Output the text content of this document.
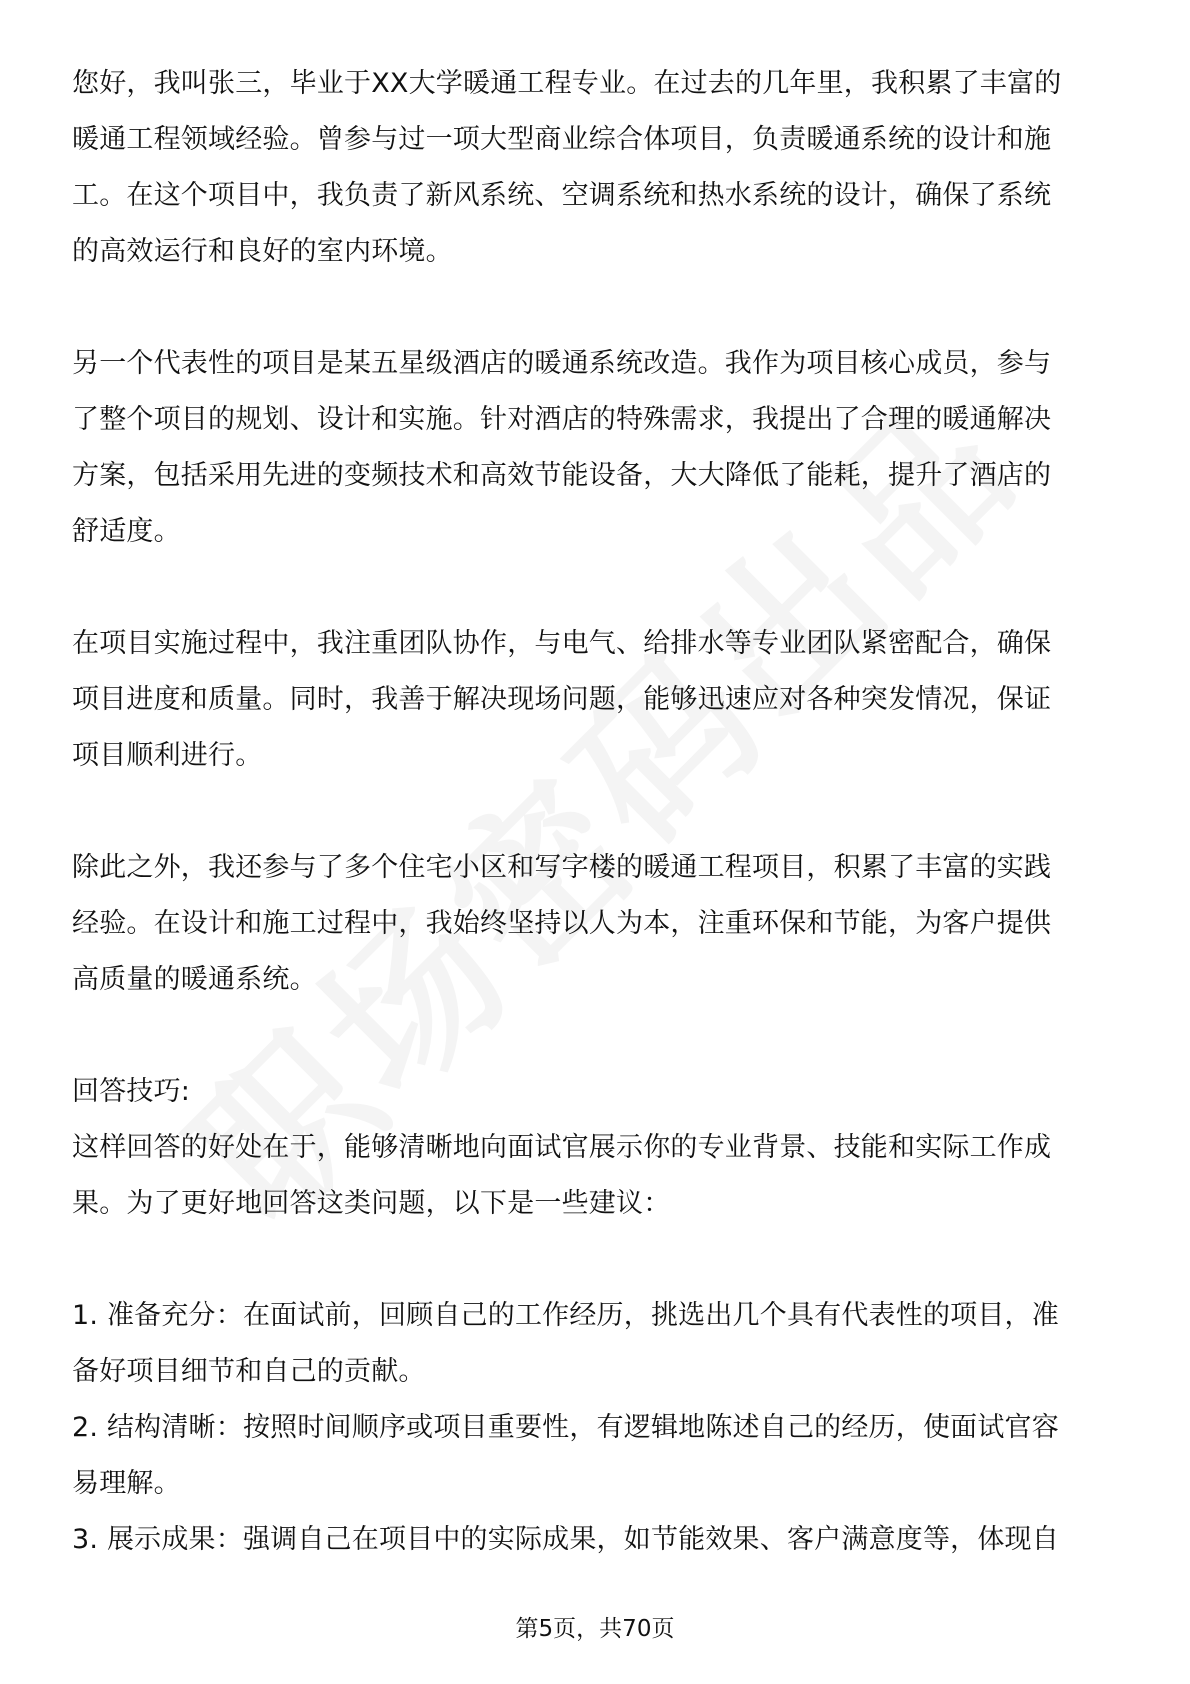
您好，我叫张三，毕业于XX大学暖通工程专业。在过去的几年里，我积累了丰富的
暖通工程领域经验。曾参与过一项大型商业综合体项目，负责暖通系统的设计和施
工。在这个项目中，我负责了新风系统、空调系统和热水系统的设计，确保了系统
的高效运行和良好的室内环境。
另一个代表性的项目是某五星级酒店的暖通系统改造。我作为项目核心成员，参与
了整个项目的规划、设计和实施。针对酒店的特殊需求，我提出了合理的暖通解决
方案，包括采用先进的变频技术和高效节能设备，大大降低了能耗，提升了酒店的
舒适度。
在项目实施过程中，我注重团队协作，与电气、给排水等专业团队紧密配合，确保
项目进度和质量。同时，我善于解决现场问题，能够迅速应对各种突发情况，保证
项目顺利进行。
除此之外，我还参与了多个住宅小区和写字楼的暖通工程项目，积累了丰富的实践
经验。在设计和施工过程中，我始终坚持以人为本，注重环保和节能，为客户提供
高质量的暖通系统。
回答技巧:
这样回答的好处在于，能够清晰地向面试官展示你的专业背景、技能和实际工作成
果。为了更好地回答这类问题，以下是一些建议：
1. 准备充分：在面试前，回顾自己的工作经历，挑选出几个具有代表性的项目，准
备好项目细节和自己的贡献。
2. 结构清晰：按照时间顺序或项目重要性，有逻辑地陈述自己的经历，使面试官容
易理解。
3. 展示成果：强调自己在项目中的实际成果，如节能效果、客户满意度等，体现自
第5页，共70页
